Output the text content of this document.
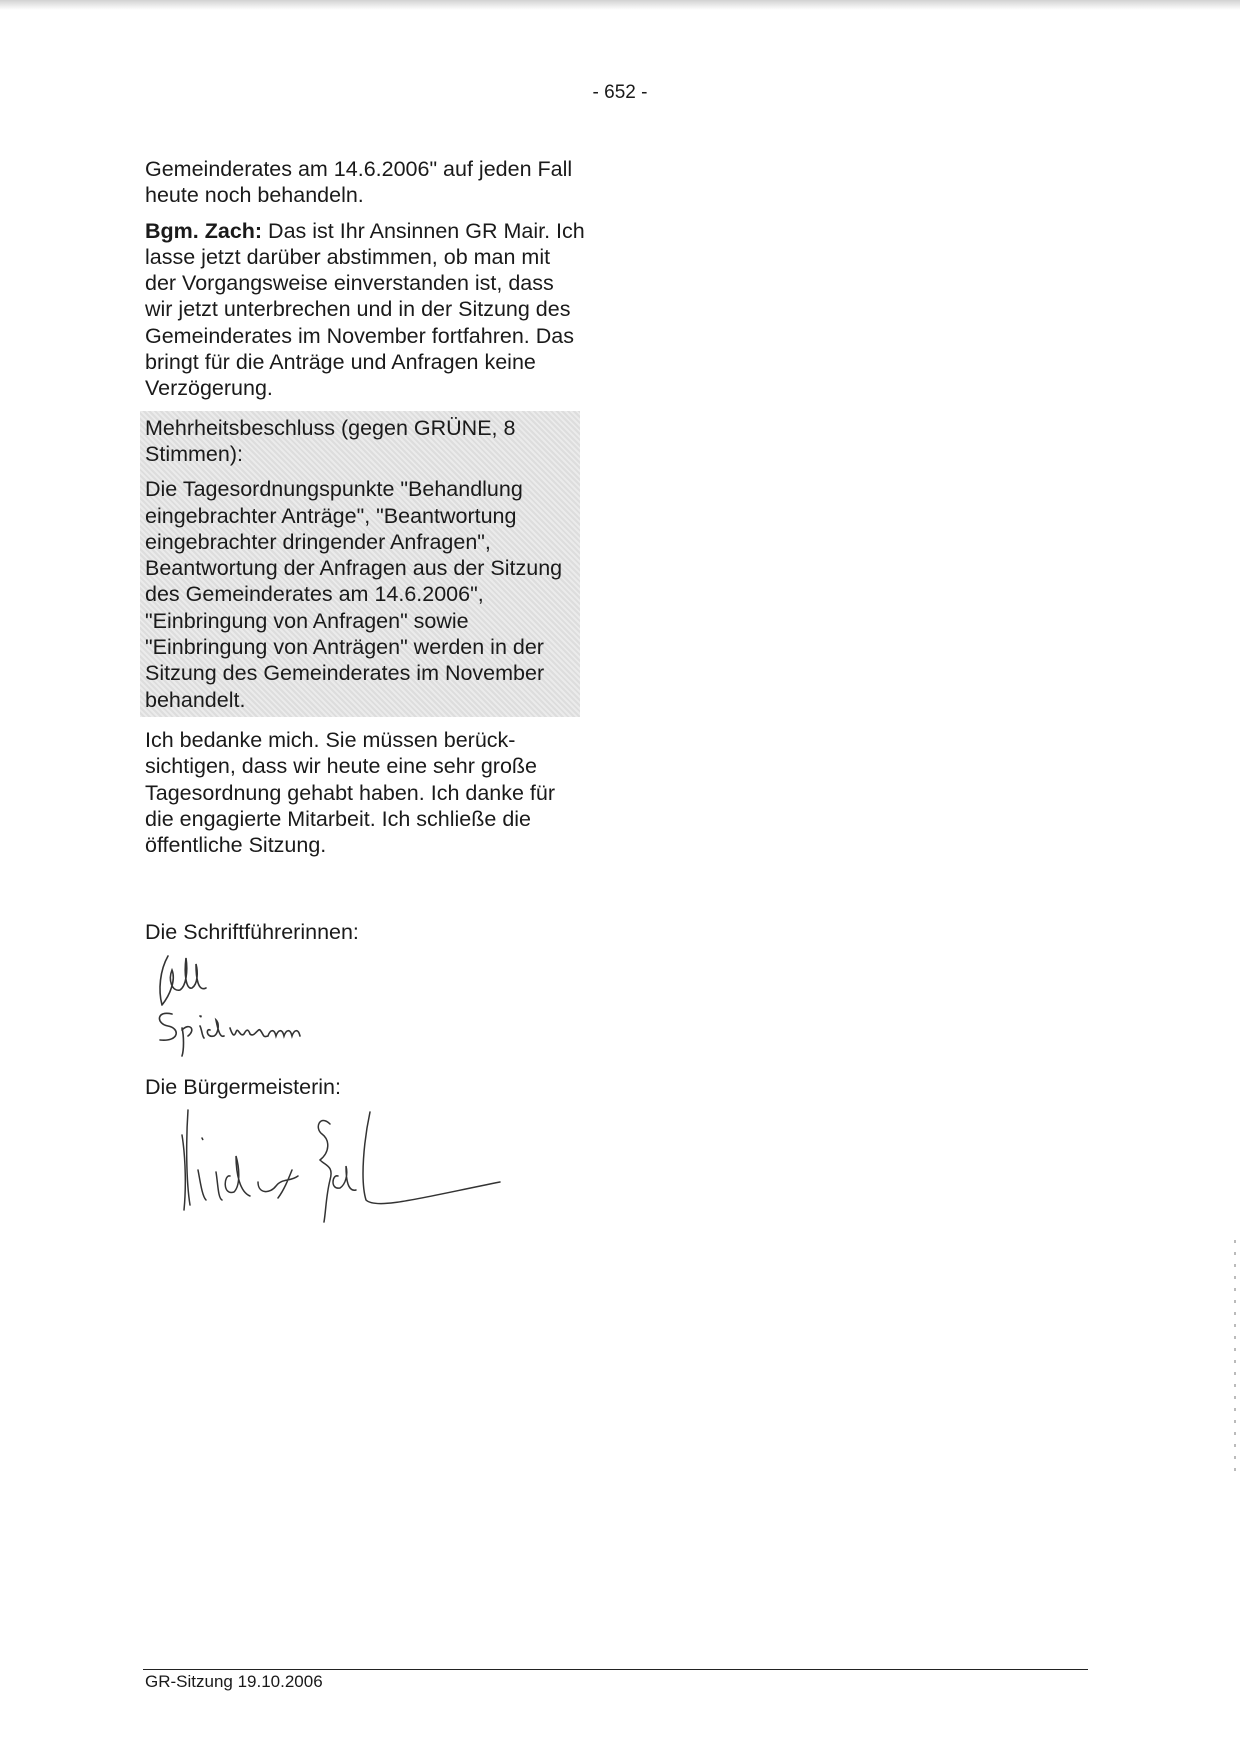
- 652 -

Gemeinderates am 14.6.2006" auf jeden Fall heute noch behandeln.

Bgm. Zach: Das ist Ihr Ansinnen GR Mair. Ich lasse jetzt darüber abstimmen, ob man mit der Vorgangsweise einverstanden ist, dass wir jetzt unterbrechen und in der Sitzung des Gemeinderates im November fortfahren. Das bringt für die Anträge und Anfragen keine Verzögerung.

Mehrheitsbeschluss (gegen GRÜNE, 8 Stimmen):

Die Tagesordnungspunkte "Behandlung eingebrachter Anträge", "Beantwortung eingebrachter dringender Anfragen", Beantwortung der Anfragen aus der Sitzung des Gemeinderates am 14.6.2006", "Einbringung von Anfragen" sowie "Einbringung von Anträgen" werden in der Sitzung des Gemeinderates im November behandelt.

Ich bedanke mich. Sie müssen berück-sichtigen, dass wir heute eine sehr große Tagesordnung gehabt haben. Ich danke für die engagierte Mitarbeit. Ich schließe die öffentliche Sitzung.

Die Schriftführerinnen:
Die Bürgermeisterin:
GR-Sitzung 19.10.2006
